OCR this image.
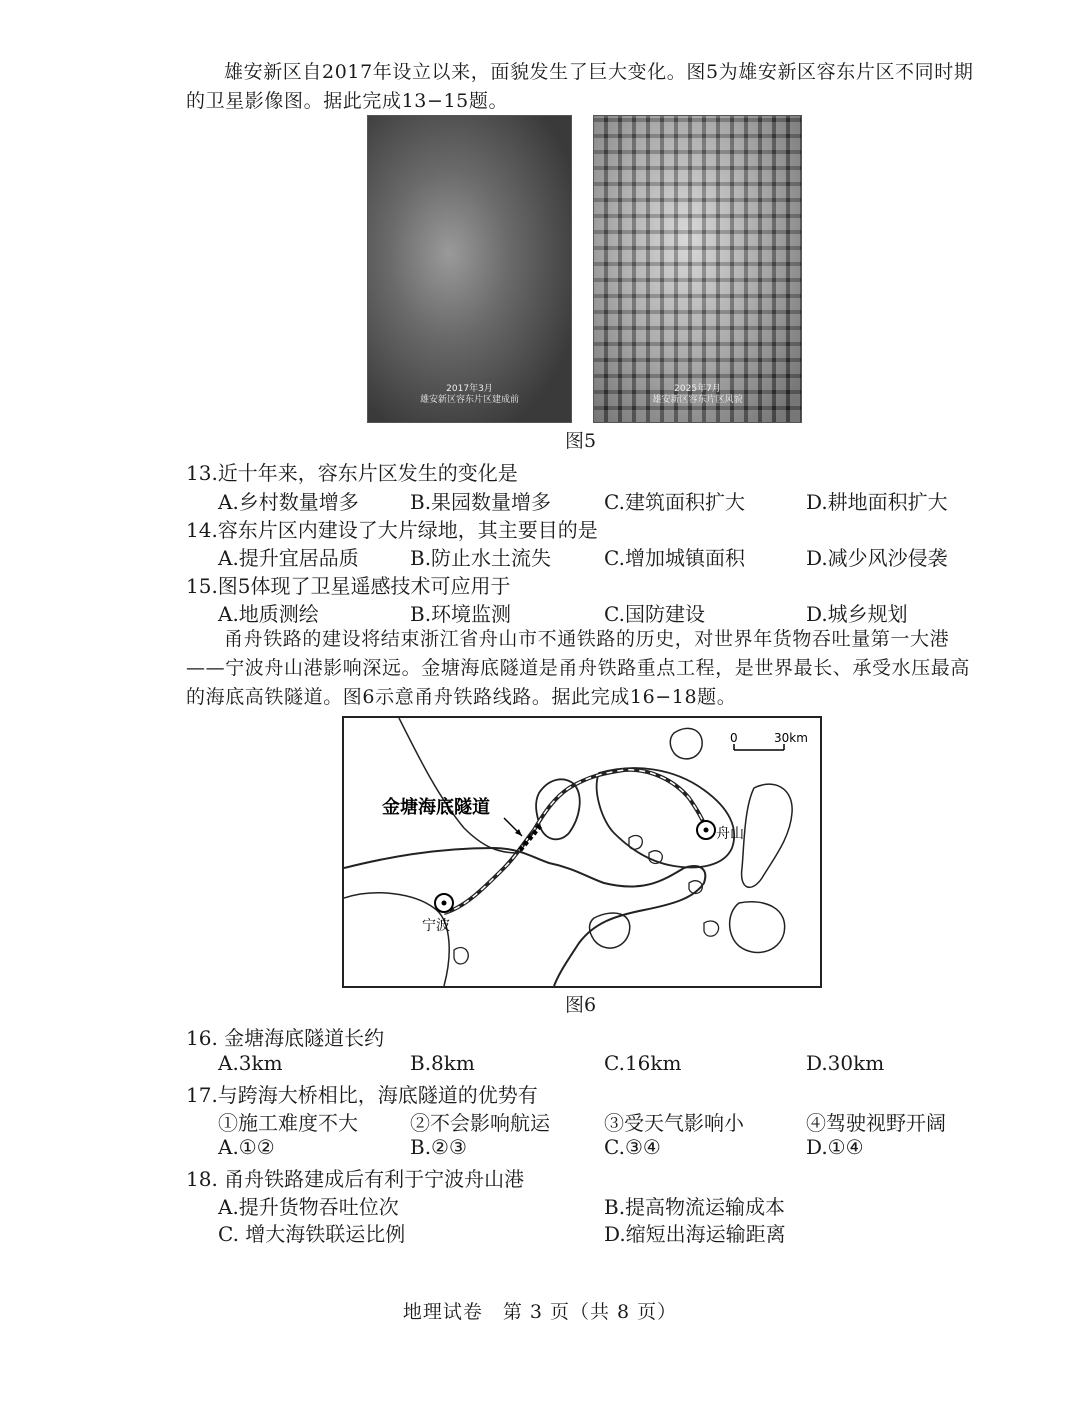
雄安新区自2017年设立以来，面貌发生了巨大变化。图5为雄安新区容东片区不同时期的卫星影像图。据此完成13−15题。

2017年3月
雄安新区容东片区建成前
2025年7月
雄安新区容东片区风貌
图5

13.近十年来，容东片区发生的变化是

A.乡村数量增多	B.果园数量增多	C.建筑面积扩大	D.耕地面积扩大

14.容东片区内建设了大片绿地，其主要目的是

A.提升宜居品质	B.防止水土流失	C.增加城镇面积	D.减少风沙侵袭

15.图5体现了卫星遥感技术可应用于

A.地质测绘	B.环境监测	C.国防建设	D.城乡规划

甬舟铁路的建设将结束浙江省舟山市不通铁路的历史，对世界年货物吞吐量第一大港——宁波舟山港影响深远。金塘海底隧道是甬舟铁路重点工程，是世界最长、承受水压最高的海底高铁隧道。图6示意甬舟铁路线路。据此完成16−18题。

0	30km
金塘海底隧道
舟山
宁波
图6

16. 金塘海底隧道长约

A.3km	B.8km	C.16km	D.30km

17.与跨海大桥相比，海底隧道的优势有

①施工难度不大	②不会影响航运	③受天气影响小	④驾驶视野开阔

A.①②	B.②③	C.③④	D.①④

18. 甬舟铁路建成后有利于宁波舟山港

A.提升货物吞吐位次	B.提高物流运输成本

C. 增大海铁联运比例	D.缩短出海运输距离

地理试卷　第 3 页（共 8 页）
